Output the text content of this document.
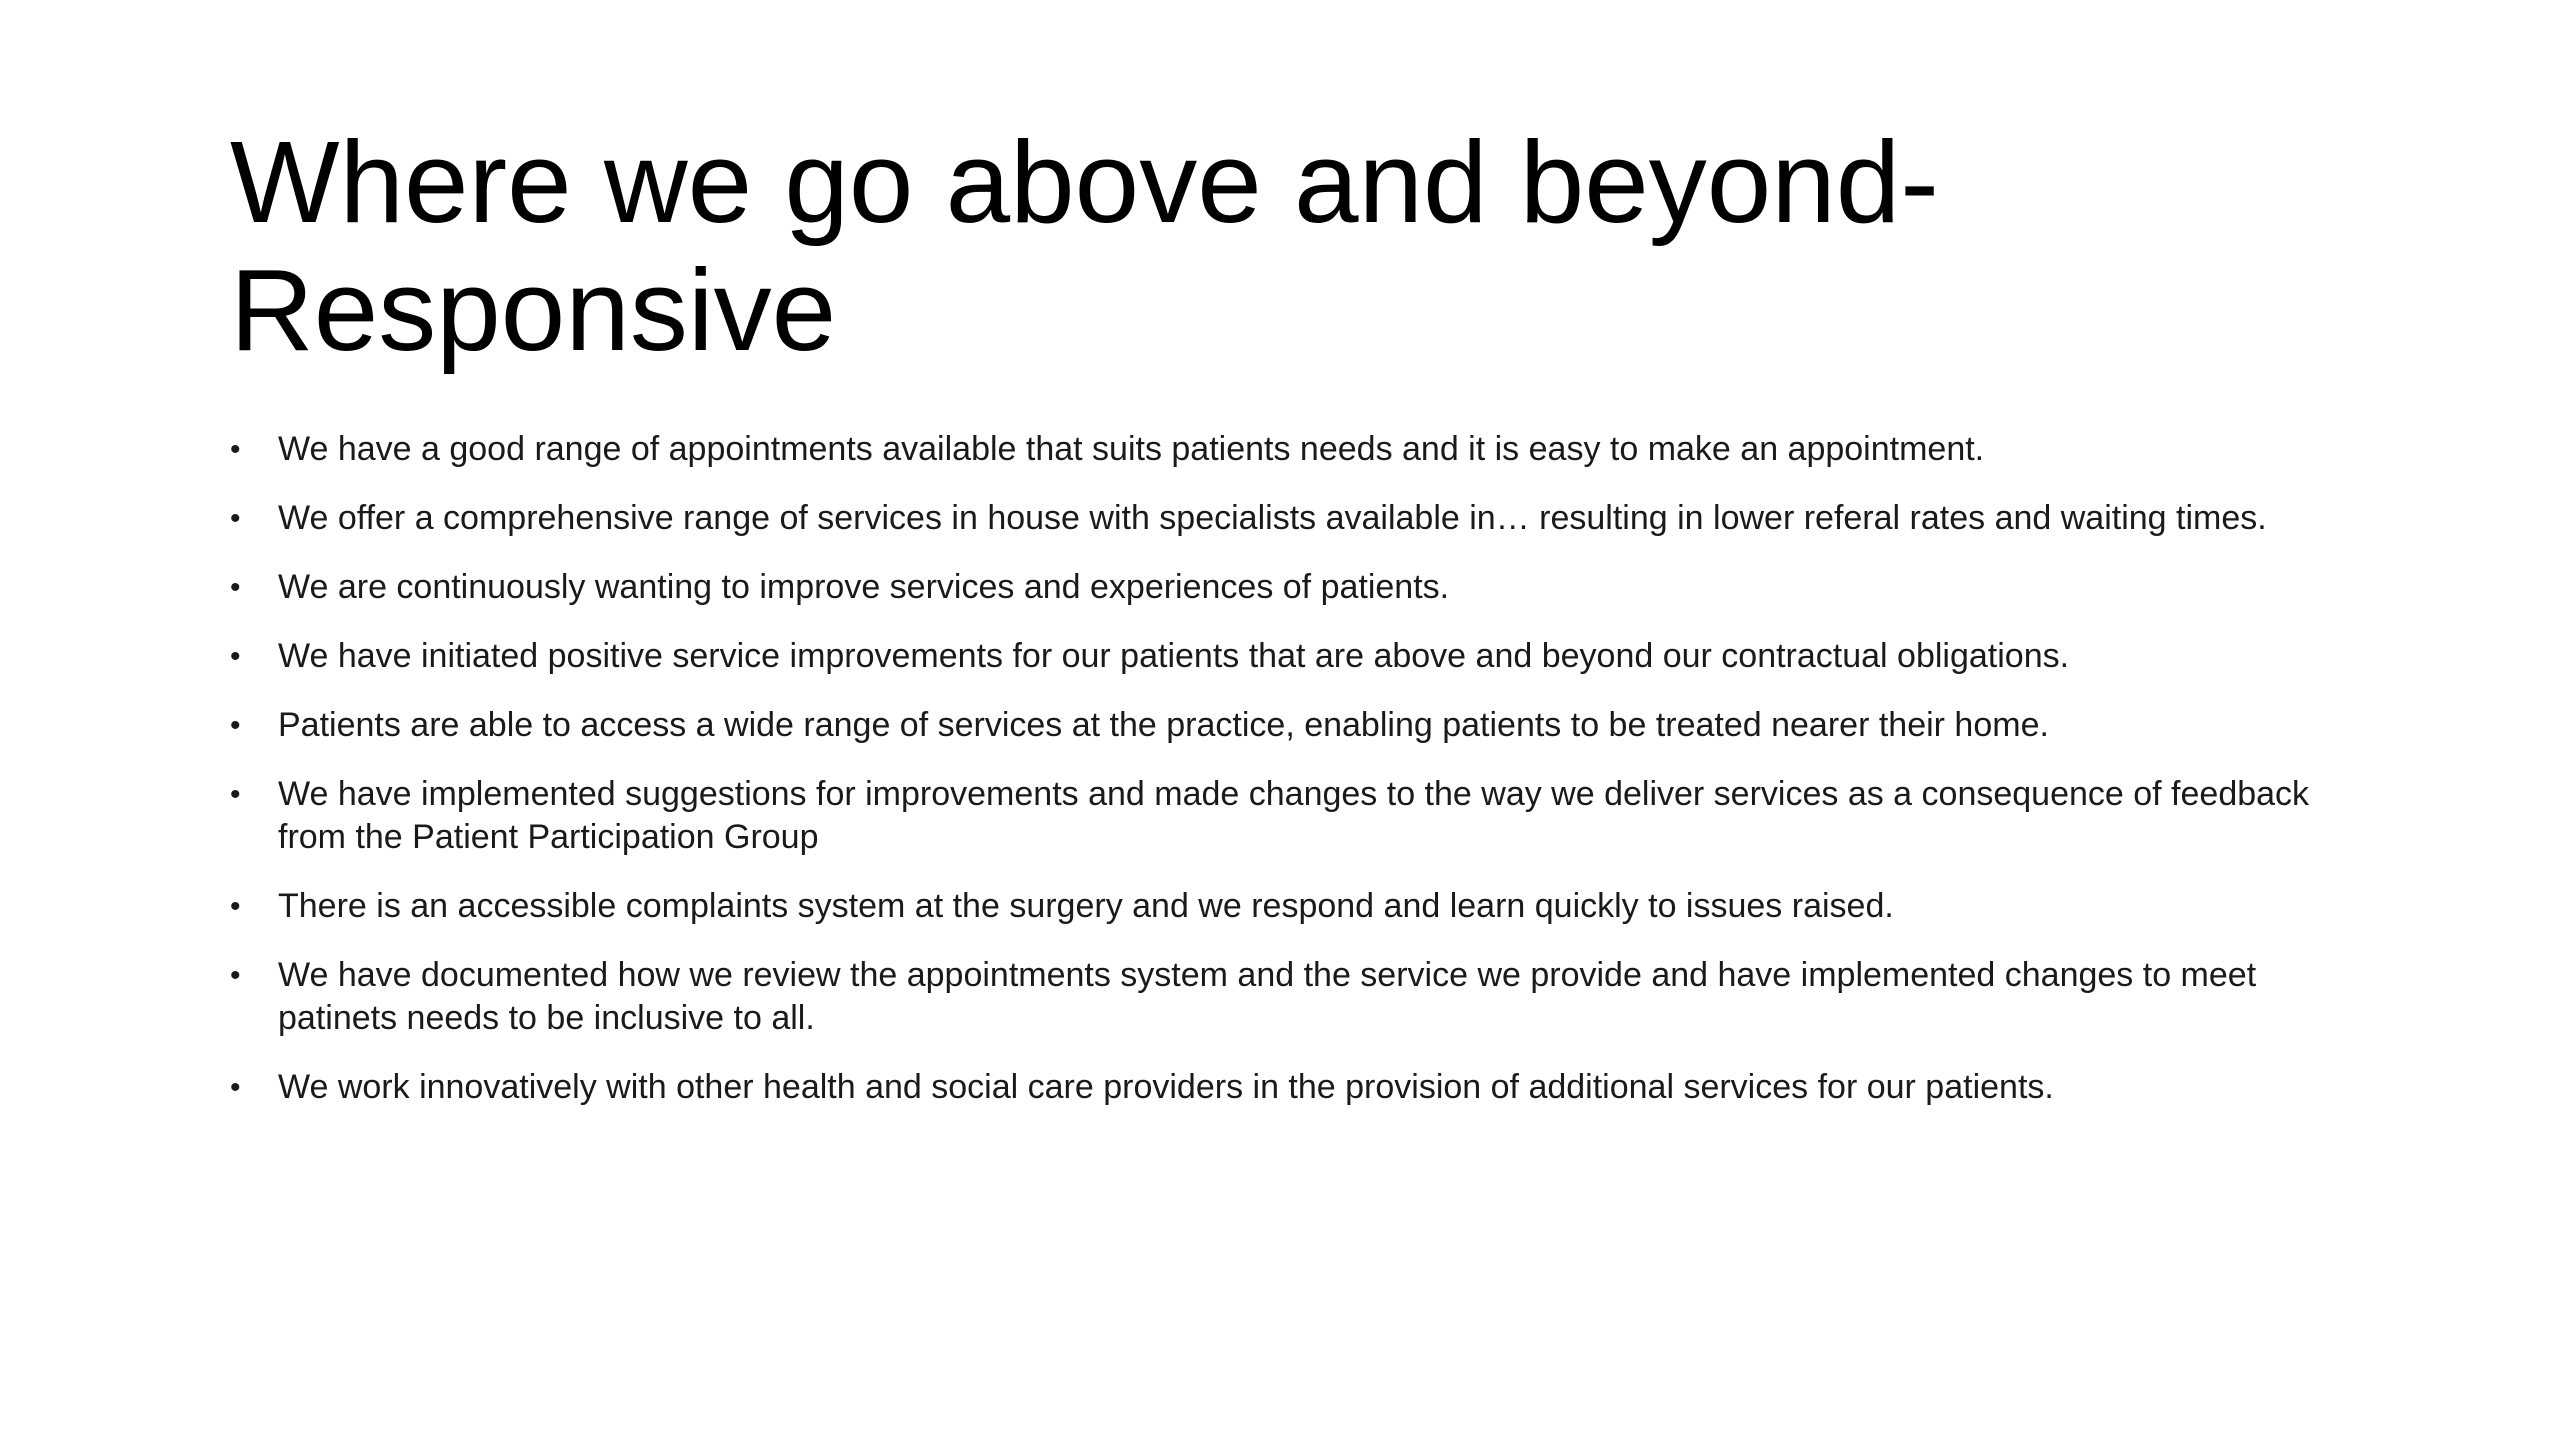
Where we go above and beyond-
Responsive
• We have a good range of appointments available that suits patients needs and it is easy to make an appointment.
• We offer a comprehensive range of services in house with specialists available in… resulting in lower referal rates and waiting times.
• We are continuously wanting to improve services and experiences of patients.
• We have initiated positive service improvements for our patients that are above and beyond our contractual obligations.
• Patients are able to access a wide range of services at the practice, enabling patients to be treated nearer their home.
• We have implemented suggestions for improvements and made changes to the way we deliver services as a consequence of feedback from the Patient Participation Group
• There is an accessible complaints system at the surgery and we respond and learn quickly to issues raised.
• We have documented how we review the appointments system and the service we provide and have implemented changes to meet patinets needs to be inclusive to all.
• We work innovatively with other health and social care providers in the provision of additional services for our patients.
